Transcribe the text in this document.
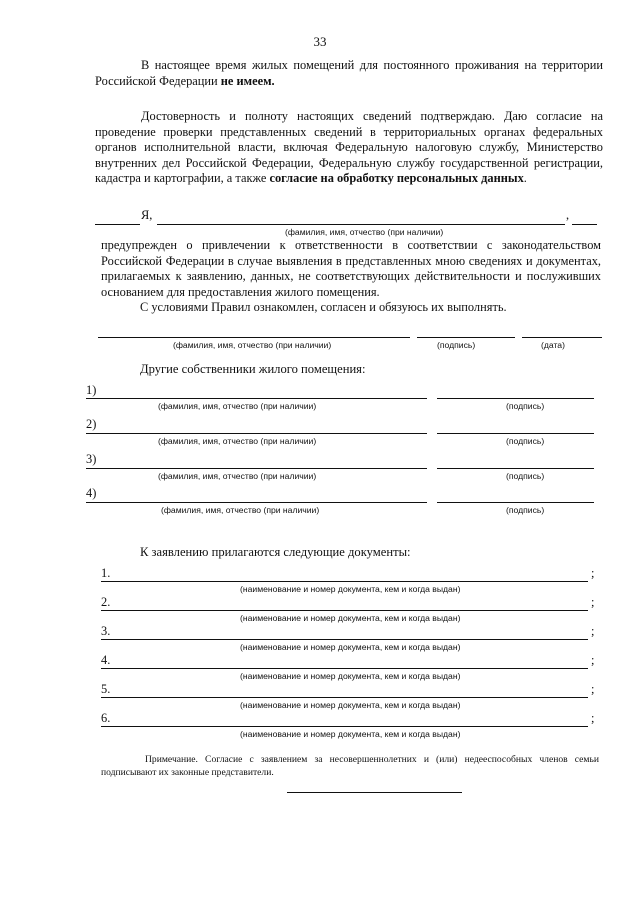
33
В настоящее время жилых помещений для постоянного проживания на территории Российской Федерации не имеем.
Достоверность и полноту настоящих сведений подтверждаю. Даю согласие на проведение проверки представленных сведений в территориальных органах федеральных органов исполнительной власти, включая Федеральную налоговую службу, Министерство внутренних дел Российской Федерации, Федеральную службу государственной регистрации, кадастра и картографии, а также согласие на обработку персональных данных.
Я,	,
(фамилия, имя, отчество (при наличии)
предупрежден о привлечении к ответственности в соответствии с законодательством Российской Федерации в случае выявления в представленных мною сведениях и документах, прилагаемых к заявлению, данных, не соответствующих действительности и послуживших основанием для предоставления жилого помещения.
С условиями Правил ознакомлен, согласен и обязуюсь их выполнять.
(фамилия, имя, отчество (при наличии)	(подпись)	(дата)
Другие собственники жилого помещения:
1)
(фамилия, имя, отчество (при наличии)	(подпись)
2)
(фамилия, имя, отчество (при наличии)	(подпись)
3)
(фамилия, имя, отчество (при наличии)	(подпись)
4)
(фамилия, имя, отчество (при наличии)	(подпись)
К заявлению прилагаются следующие документы:
1.	;
(наименование и номер документа, кем и когда выдан)
2.	;
(наименование и номер документа, кем и когда выдан)
3.	;
(наименование и номер документа, кем и когда выдан)
4.	;
(наименование и номер документа, кем и когда выдан)
5.	;
(наименование и номер документа, кем и когда выдан)
6.	;
(наименование и номер документа, кем и когда выдан)
Примечание. Согласие с заявлением за несовершеннолетних и (или) недееспособных членов семьи подписывают их законные представители.
